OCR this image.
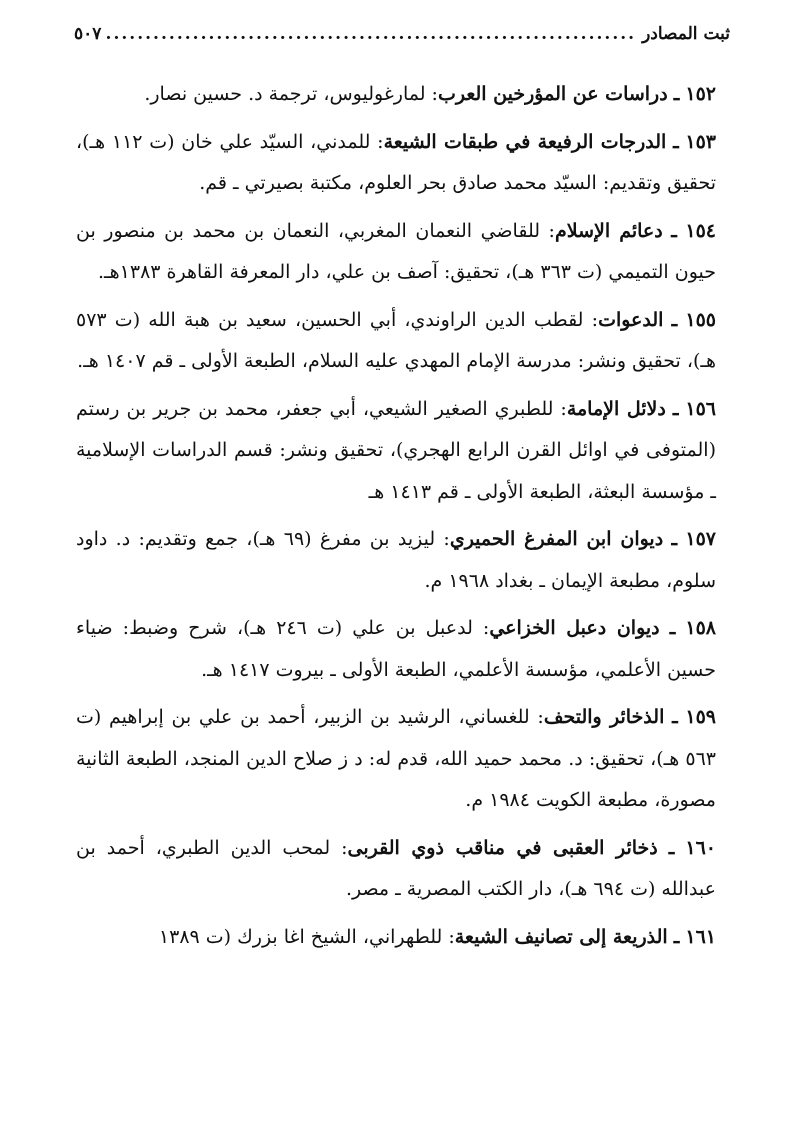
ثبت المصادر
.....
٥٠٧

١٥٢ ـ دراسات عن المؤرخين العرب: لمارغوليوس، ترجمة د. حسين نصار.

١٥٣ ـ الدرجات الرفيعة في طبقات الشيعة: للمدني، السيّد علي خان (ت ١١٢ هـ)، تحقيق وتقديم: السيّد محمد صادق بحر العلوم، مكتبة بصيرتي ـ قم.

١٥٤ ـ دعائم الإسلام: للقاضي النعمان المغربي، النعمان بن محمد بن منصور بن حيون التميمي (ت ٣٦٣ هـ)، تحقيق: آصف بن علي، دار المعرفة القاهرة ١٣٨٣هـ.

١٥٥ ـ الدعوات: لقطب الدين الراوندي، أبي الحسين، سعيد بن هبة الله (ت ٥٧٣ هـ)، تحقيق ونشر: مدرسة الإمام المهدي عليه السلام، الطبعة الأولى ـ قم ١٤٠٧ هـ.

١٥٦ ـ دلائل الإمامة: للطبري الصغير الشيعي، أبي جعفر، محمد بن جرير بن رستم (المتوفى في اوائل القرن الرابع الهجري)، تحقيق ونشر: قسم الدراسات الإسلامية ـ مؤسسة البعثة، الطبعة الأولى ـ قم ١٤١٣ هـ

١٥٧ ـ ديوان ابن المفرغ الحميري: ليزيد بن مفرغ (٦٩ هـ)، جمع وتقديم: د. داود سلوم، مطبعة الإيمان ـ بغداد ١٩٦٨ م.

١٥٨ ـ ديوان دعبل الخزاعي: لدعبل بن علي (ت ٢٤٦ هـ)، شرح وضبط: ضياء حسين الأعلمي، مؤسسة الأعلمي، الطبعة الأولى ـ بيروت ١٤١٧ هـ.

١٥٩ ـ الذخائر والتحف: للغساني، الرشيد بن الزبير، أحمد بن علي بن إبراهيم (ت ٥٦٣ هـ)، تحقيق: د. محمد حميد الله، قدم له: د ز صلاح الدين المنجد، الطبعة الثانية مصورة، مطبعة الكويت ١٩٨٤ م.

١٦٠ ـ ذخائر العقبى في مناقب ذوي القربى: لمحب الدين الطبري، أحمد بن عبدالله (ت ٦٩٤ هـ)، دار الكتب المصرية ـ مصر.

١٦١ ـ الذريعة إلى تصانيف الشيعة: للطهراني، الشيخ اغا بزرك (ت ١٣٨٩
